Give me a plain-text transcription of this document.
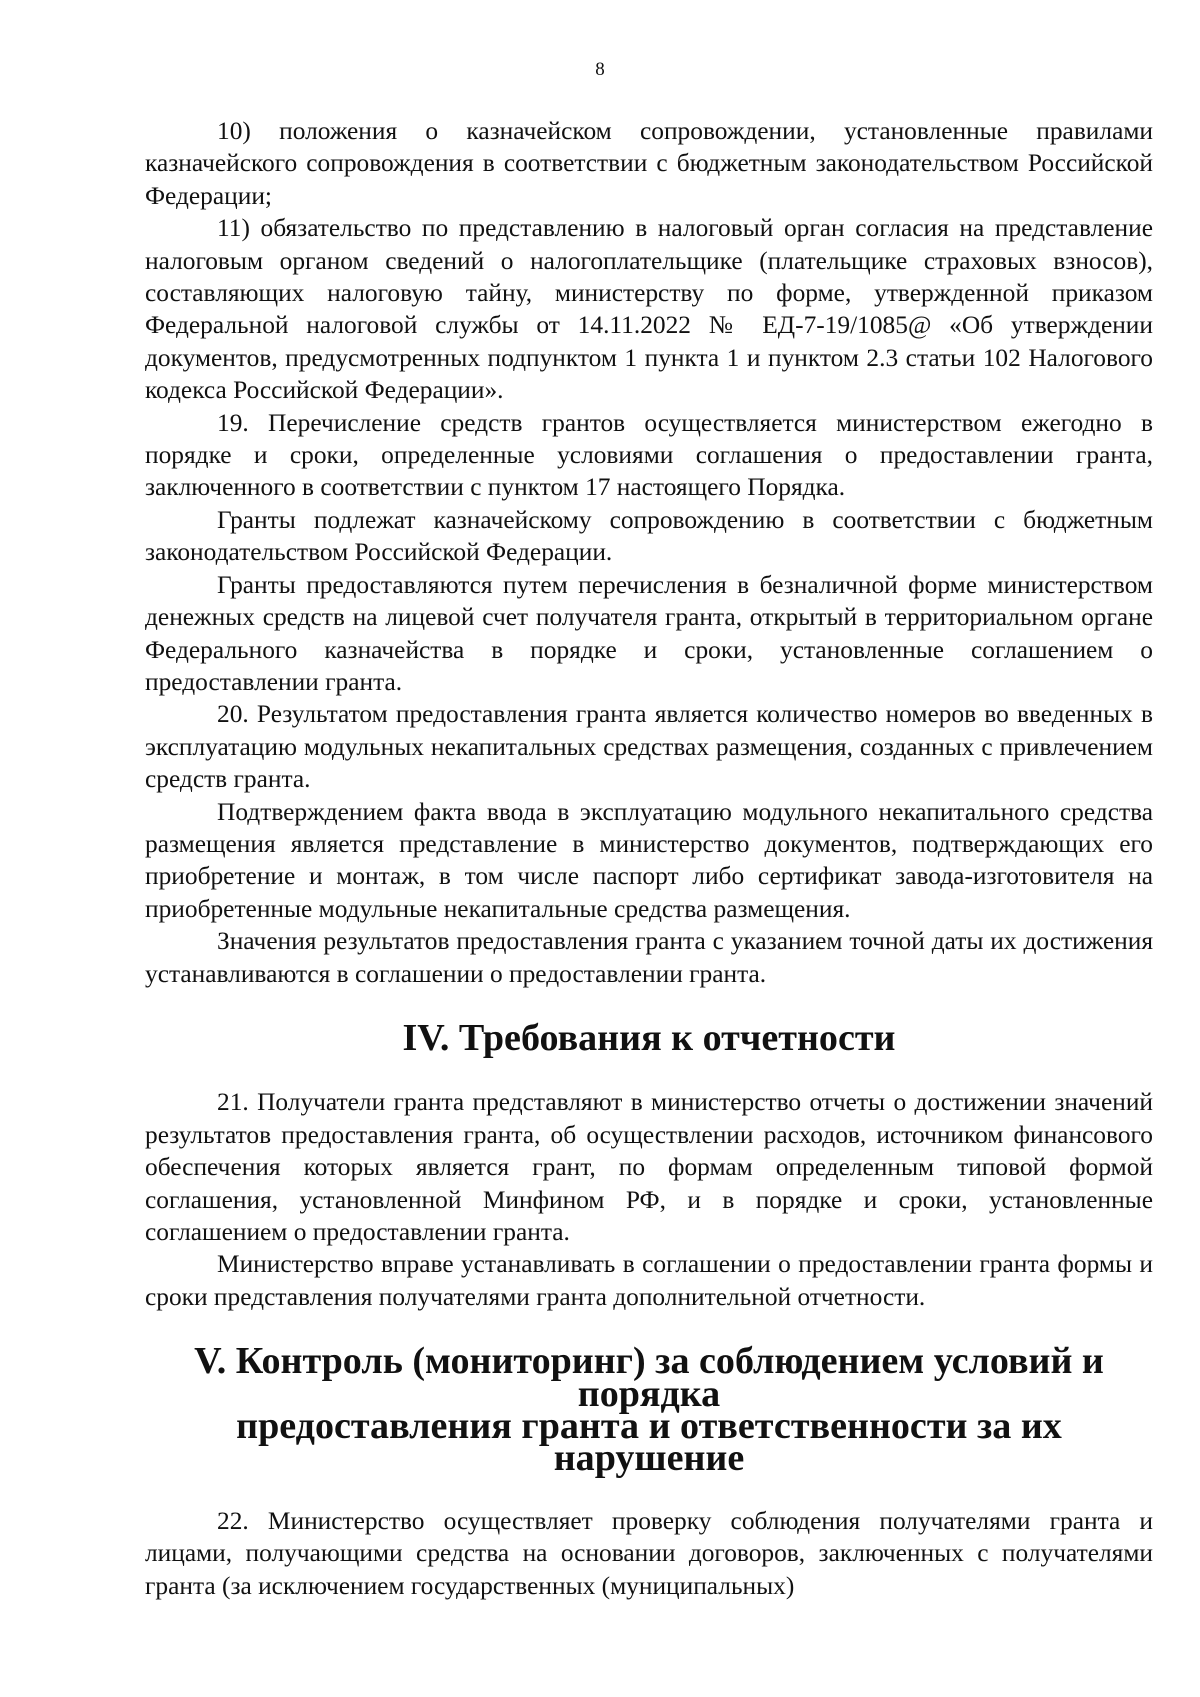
8

10) положения о казначейском сопровождении, установленные правилами казначейского сопровождения в соответствии с бюджетным законодательством Российской Федерации;

11) обязательство по представлению в налоговый орган согласия на представление налоговым органом сведений о налогоплательщике (плательщике страховых взносов), составляющих налоговую тайну, министерству по форме, утвержденной приказом Федеральной налоговой службы от 14.11.2022 № ЕД-7-19/1085@ «Об утверждении документов, предусмотренных подпунктом 1 пункта 1 и пунктом 2.3 статьи 102 Налогового кодекса Российской Федерации».

19. Перечисление средств грантов осуществляется министерством ежегодно в порядке и сроки, определенные условиями соглашения о предоставлении гранта, заключенного в соответствии с пунктом 17 настоящего Порядка.

Гранты подлежат казначейскому сопровождению в соответствии с бюджетным законодательством Российской Федерации.

Гранты предоставляются путем перечисления в безналичной форме министерством денежных средств на лицевой счет получателя гранта, открытый в территориальном органе Федерального казначейства в порядке и сроки, установленные соглашением о предоставлении гранта.

20. Результатом предоставления гранта является количество номеров во введенных в эксплуатацию модульных некапитальных средствах размещения, созданных с привлечением средств гранта.

Подтверждением факта ввода в эксплуатацию модульного некапитального средства размещения является представление в министерство документов, подтверждающих его приобретение и монтаж, в том числе паспорт либо сертификат завода-изготовителя на приобретенные модульные некапитальные средства размещения.

Значения результатов предоставления гранта с указанием точной даты их достижения устанавливаются в соглашении о предоставлении гранта.

IV. Требования к отчетности

21. Получатели гранта представляют в министерство отчеты о достижении значений результатов предоставления гранта, об осуществлении расходов, источником финансового обеспечения которых является грант, по формам определенным типовой формой соглашения, установленной Минфином РФ, и в порядке и сроки, установленные соглашением о предоставлении гранта.

Министерство вправе устанавливать в соглашении о предоставлении гранта формы и сроки представления получателями гранта дополнительной отчетности.

V. Контроль (мониторинг) за соблюдением условий и порядка
предоставления гранта и ответственности за их нарушение

22. Министерство осуществляет проверку соблюдения получателями гранта и лицами, получающими средства на основании договоров, заключенных с получателями гранта (за исключением государственных (муниципальных)
